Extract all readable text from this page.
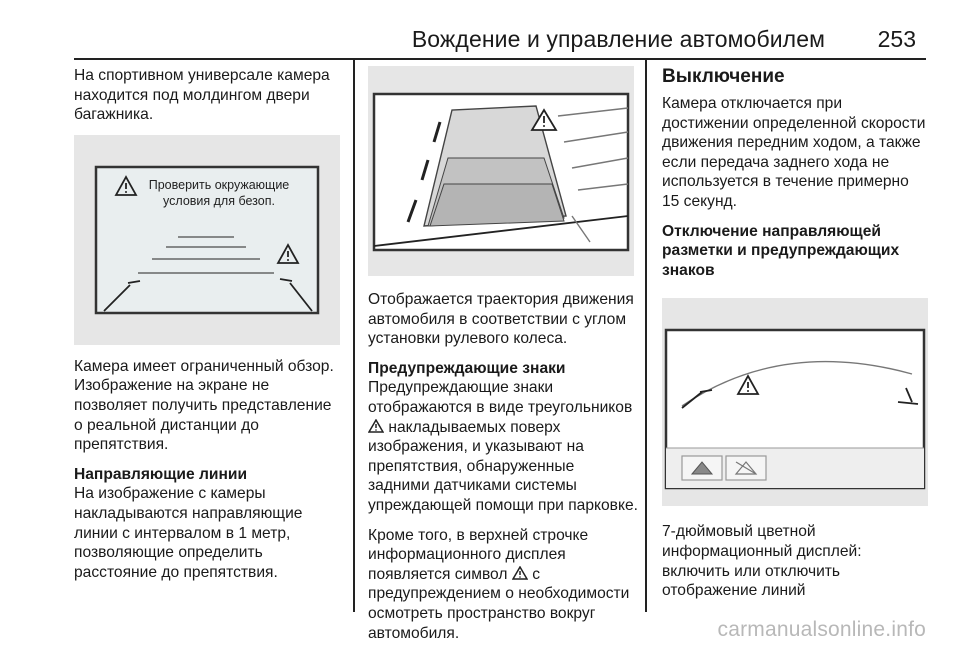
Вождение и управление автомобилем 253

На спортивном универсале камера находится под молдингом двери багажника.

Проверить окружающие
условия для безоп.

Камера имеет ограниченный обзор. Изображение на экране не позволяет получить представление о реальной дистанции до препятствия.

Направляющие линии

На изображение с камеры накладываются направляющие линии с интервалом в 1 метр, позволяющие определить расстояние до препятствия.

Отображается траектория движения автомобиля в соответствии с углом установки рулевого колеса.

Предупреждающие знаки

Предупреждающие знаки отображаются в виде треугольников  накладываемых поверх изображения, и указывают на препятствия, обнаруженные задними датчиками системы упреждающей помощи при парковке.

Кроме того, в верхней строчке информационного дисплея появляется символ с предупреждением о необходимости осмотреть пространство вокруг автомобиля.

Выключение

Камера отключается при достижении определенной скорости движения передним ходом, а также если передача заднего хода не используется в течение примерно 15 секунд.

Отключение направляющей разметки и предупреждающих знаков

7-дюймовый цветной информационный дисплей: включить или отключить отображение линий

carmanualsonline.info
